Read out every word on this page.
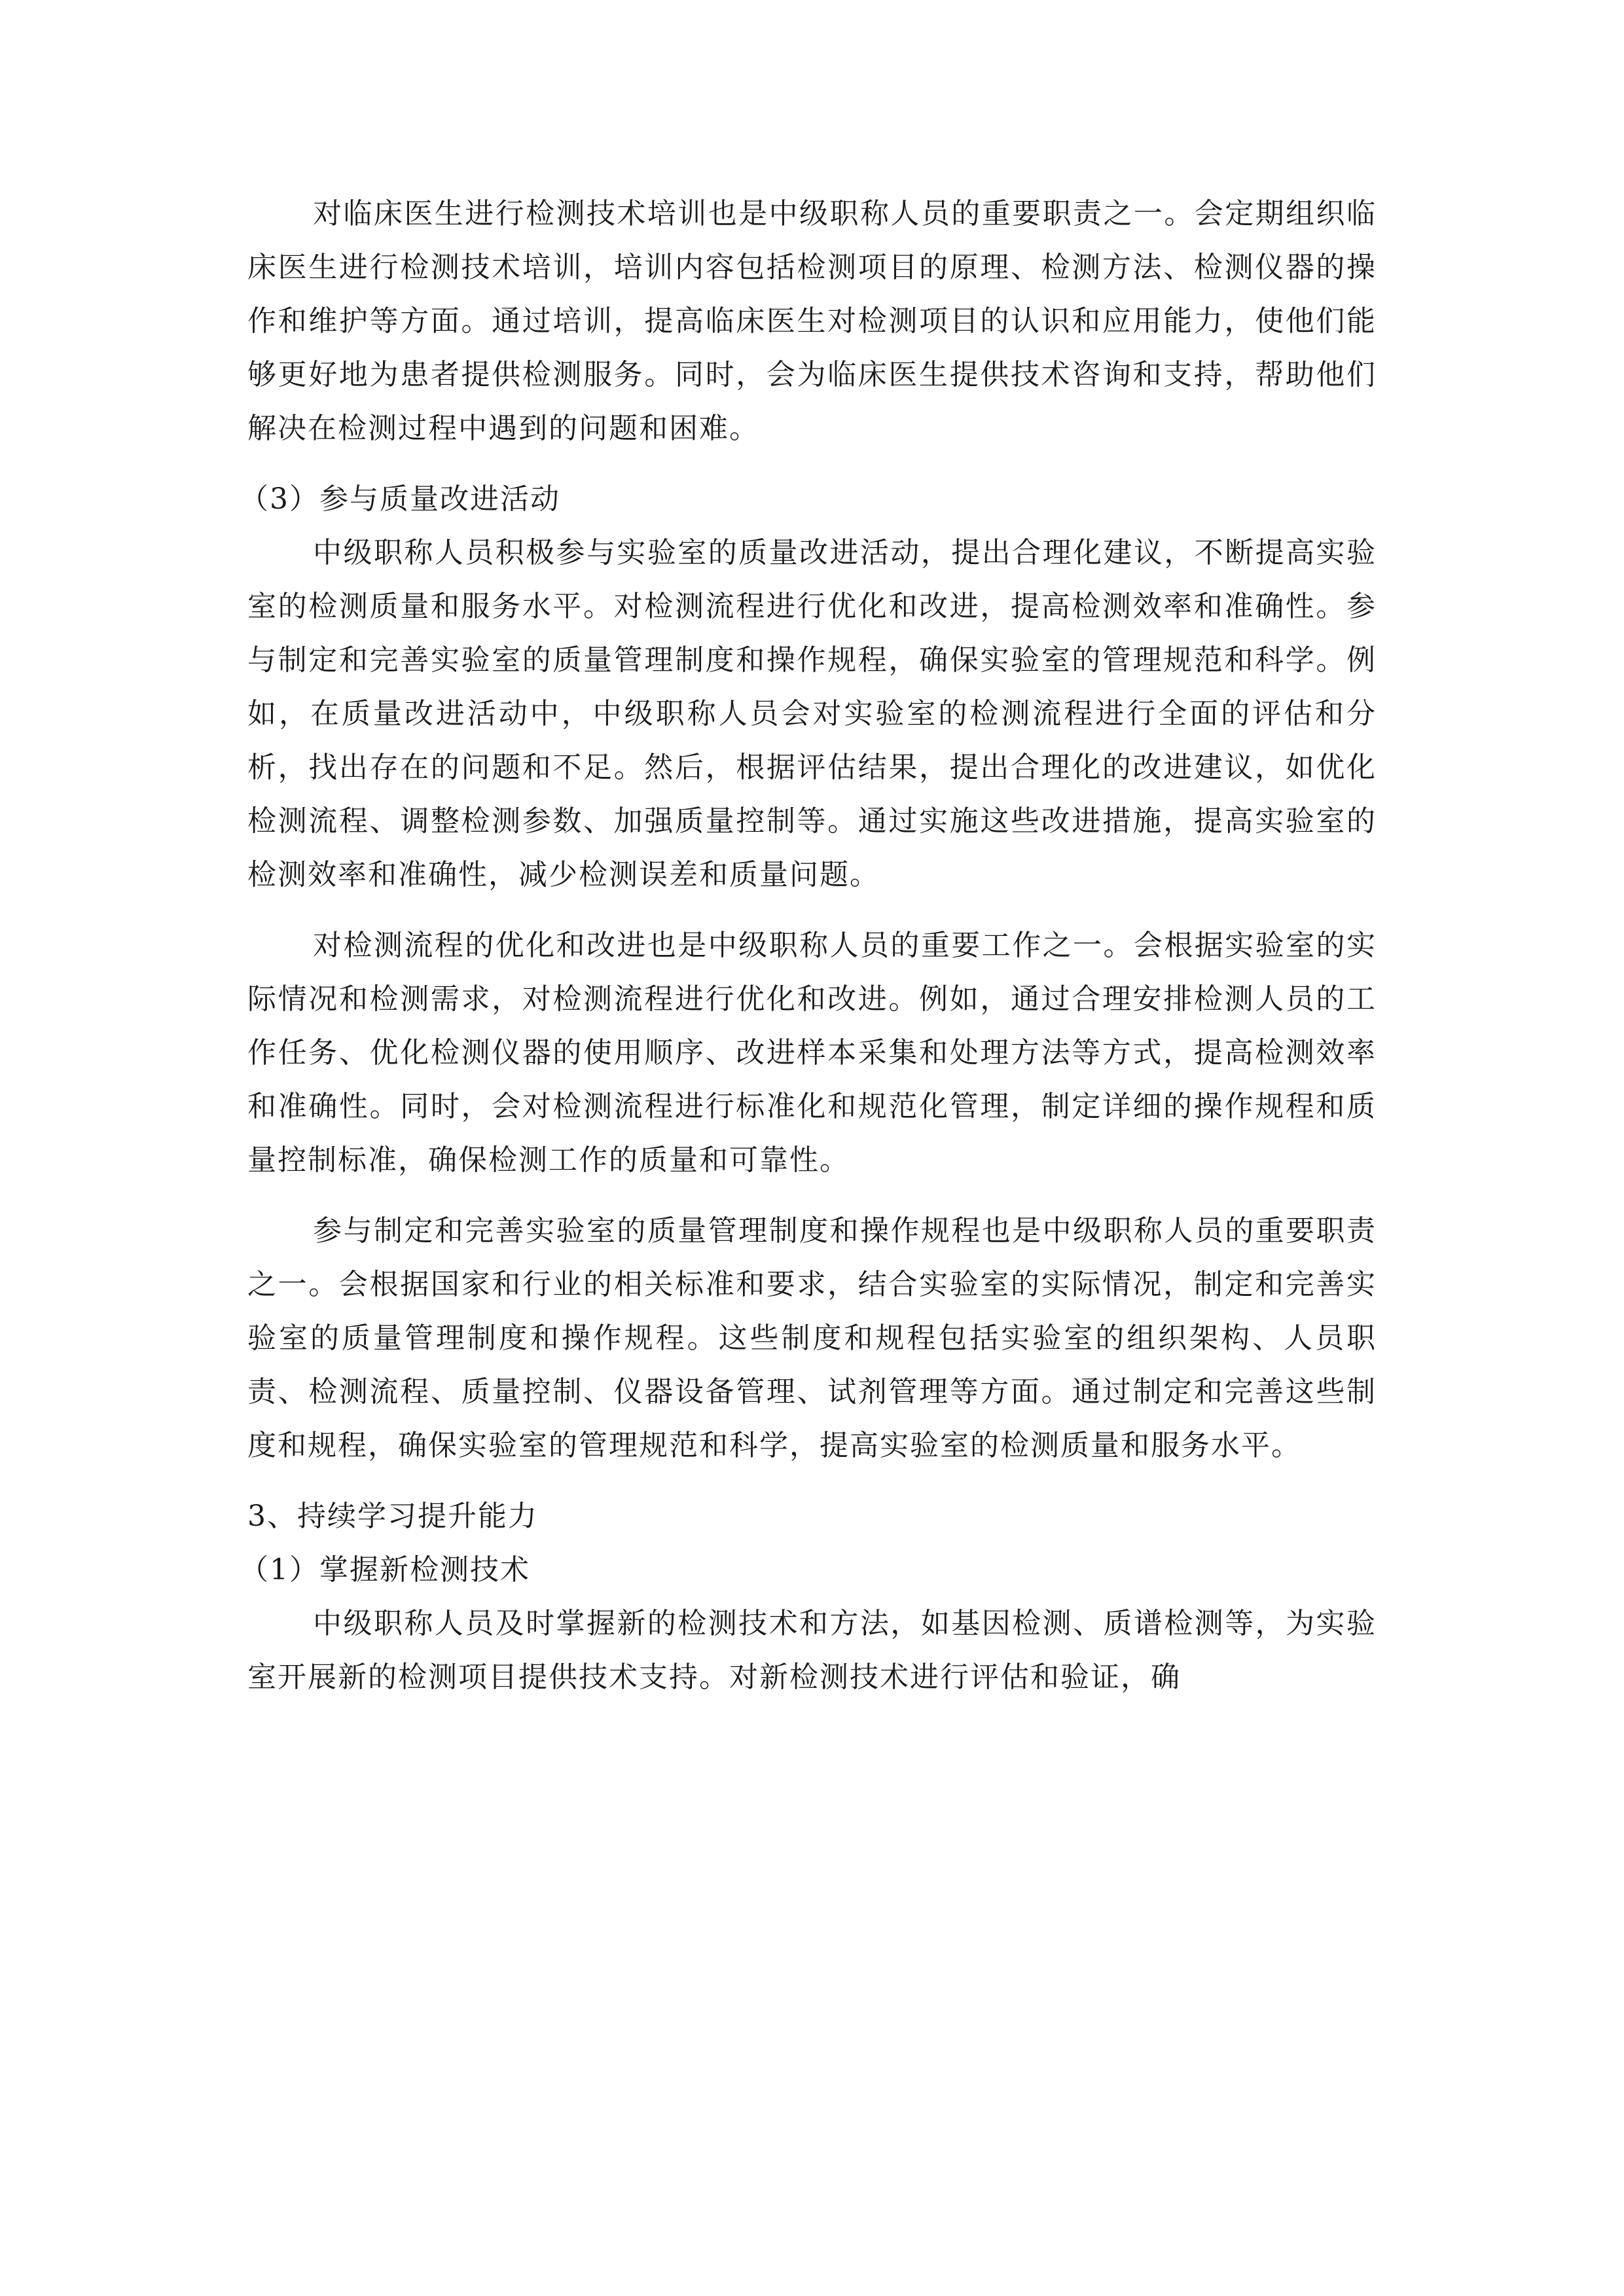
对临床医生进行检测技术培训也是中级职称人员的重要职责之一。会定期组织临床医生进行检测技术培训，培训内容包括检测项目的原理、检测方法、检测仪器的操作和维护等方面。通过培训，提高临床医生对检测项目的认识和应用能力，使他们能够更好地为患者提供检测服务。同时，会为临床医生提供技术咨询和支持，帮助他们解决在检测过程中遇到的问题和困难。

（3）参与质量改进活动

中级职称人员积极参与实验室的质量改进活动，提出合理化建议，不断提高实验室的检测质量和服务水平。对检测流程进行优化和改进，提高检测效率和准确性。参与制定和完善实验室的质量管理制度和操作规程，确保实验室的管理规范和科学。例如，在质量改进活动中，中级职称人员会对实验室的检测流程进行全面的评估和分析，找出存在的问题和不足。然后，根据评估结果，提出合理化的改进建议，如优化检测流程、调整检测参数、加强质量控制等。通过实施这些改进措施，提高实验室的检测效率和准确性，减少检测误差和质量问题。

对检测流程的优化和改进也是中级职称人员的重要工作之一。会根据实验室的实际情况和检测需求，对检测流程进行优化和改进。例如，通过合理安排检测人员的工作任务、优化检测仪器的使用顺序、改进样本采集和处理方法等方式，提高检测效率和准确性。同时，会对检测流程进行标准化和规范化管理，制定详细的操作规程和质量控制标准，确保检测工作的质量和可靠性。

参与制定和完善实验室的质量管理制度和操作规程也是中级职称人员的重要职责之一。会根据国家和行业的相关标准和要求，结合实验室的实际情况，制定和完善实验室的质量管理制度和操作规程。这些制度和规程包括实验室的组织架构、人员职责、检测流程、质量控制、仪器设备管理、试剂管理等方面。通过制定和完善这些制度和规程，确保实验室的管理规范和科学，提高实验室的检测质量和服务水平。

3、持续学习提升能力

（1）掌握新检测技术

中级职称人员及时掌握新的检测技术和方法，如基因检测、质谱检测等，为实验室开展新的检测项目提供技术支持。对新检测技术进行评估和验证，确
